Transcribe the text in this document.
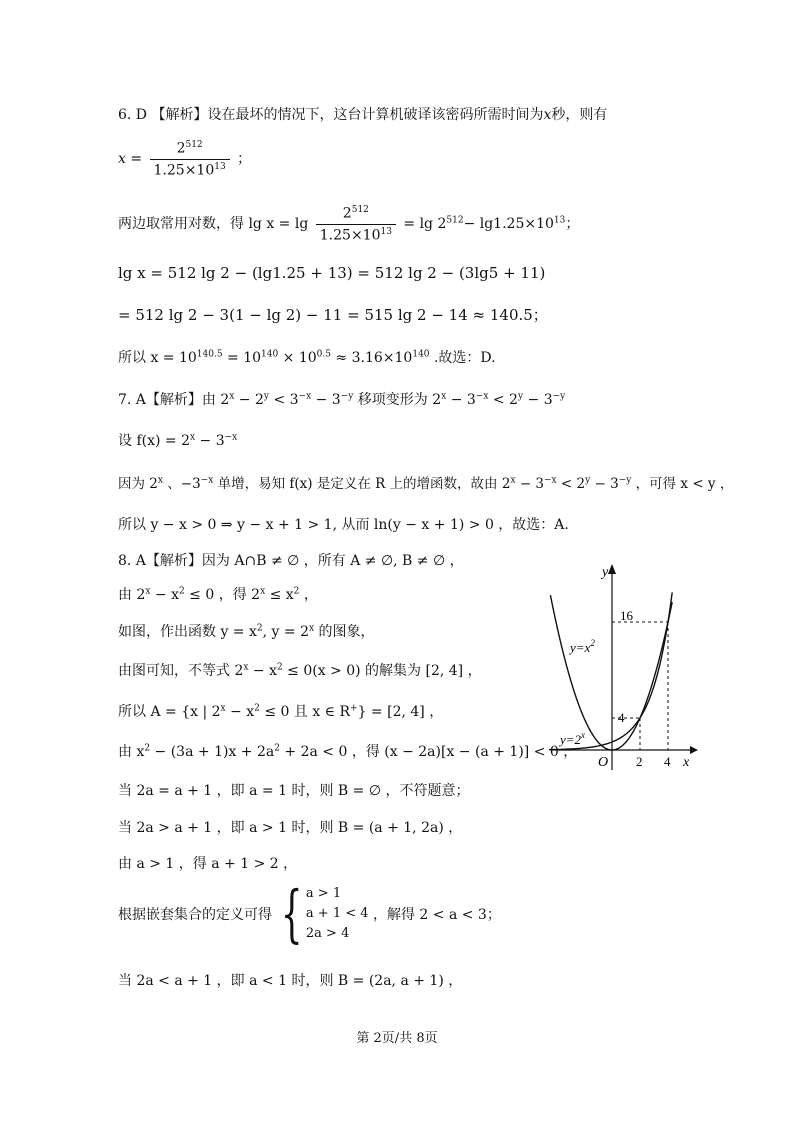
6. D 【解析】设在最坏的情况下，这台计算机破译该密码所需时间为x秒，则有
$x = \frac{2^{512}}{1.25\times 10^{13}}$ ；
两边取常用对数，得 $\lg x = \lg \frac{2^{512}}{1.25\times 10^{13}} = \lg 2^{512}- \lg 1.25\times 10^{13}$；
lg x = 512 lg 2 − (lg1.25 + 13) = 512 lg 2 − (3lg5 + 11)
= 512 lg 2 − 3(1 − lg 2) − 11 = 515 lg 2 − 14 ≈ 140.5；
所以 $x = 10^{140.5} = 10^{140} \times 10^{0.5} \approx 3.16\times 10^{140}$ .故选：D.
7. A【解析】由 $2^x - 2^y < 3^{-x} - 3^{-y}$ 移项变形为 $2^x - 3^{-x} < 2^y - 3^{-y}$
设 $f(x) = 2^x - 3^{-x}$
因为 2$^x$ 、$-3^{-x}$ 单增，易知 f(x) 是定义在 R 上的增函数，故由 $2^x - 3^{-x} < 2^y - 3^{-y}$ ，可得 x < y ，
所以 y − x > 0 ⇒ y − x + 1 > 1, 从而 ln(y − x + 1) > 0 ，故选：A.
8. A【解析】因为 A∩B ≠ ∅ ，所有 A ≠ ∅, B ≠ ∅ ，
由 $2^x - x^2 \le 0$ ，得 $2^x \le x^2$ ，
如图，作出函数 $y = x^2$, $y = 2^x$ 的图象，
由图可知，不等式 $2^x - x^2 \le 0(x > 0)$ 的解集为 [2, 4] ，
所以 A = {x | $2^x - x^2 \le 0$ 且 x ∈ R+} = [2, 4] ，
由 $x^2 - (3a + 1)x + 2a^2 + 2a < 0$ ，得 (x − 2a)[x − (a + 1)] < 0 ，
当 2a = a + 1 ，即 a = 1 时，则 B = ∅ ，不符题意；
当 2a > a + 1 ，即 a > 1 时，则 B = (a + 1, 2a) ，
由 a > 1 ，得 a + 1 > 2 ，
根据嵌套集合的定义可得 { a > 1
a + 1 < 4
2a > 4
，解得 2 < a < 3；
当 2a < a + 1 ，即 a < 1 时，则 B = (2a, a + 1) ，
y
x
O 2 4
4
16
$y=x^2$
$y=2^x$
第 2页/共 8页
